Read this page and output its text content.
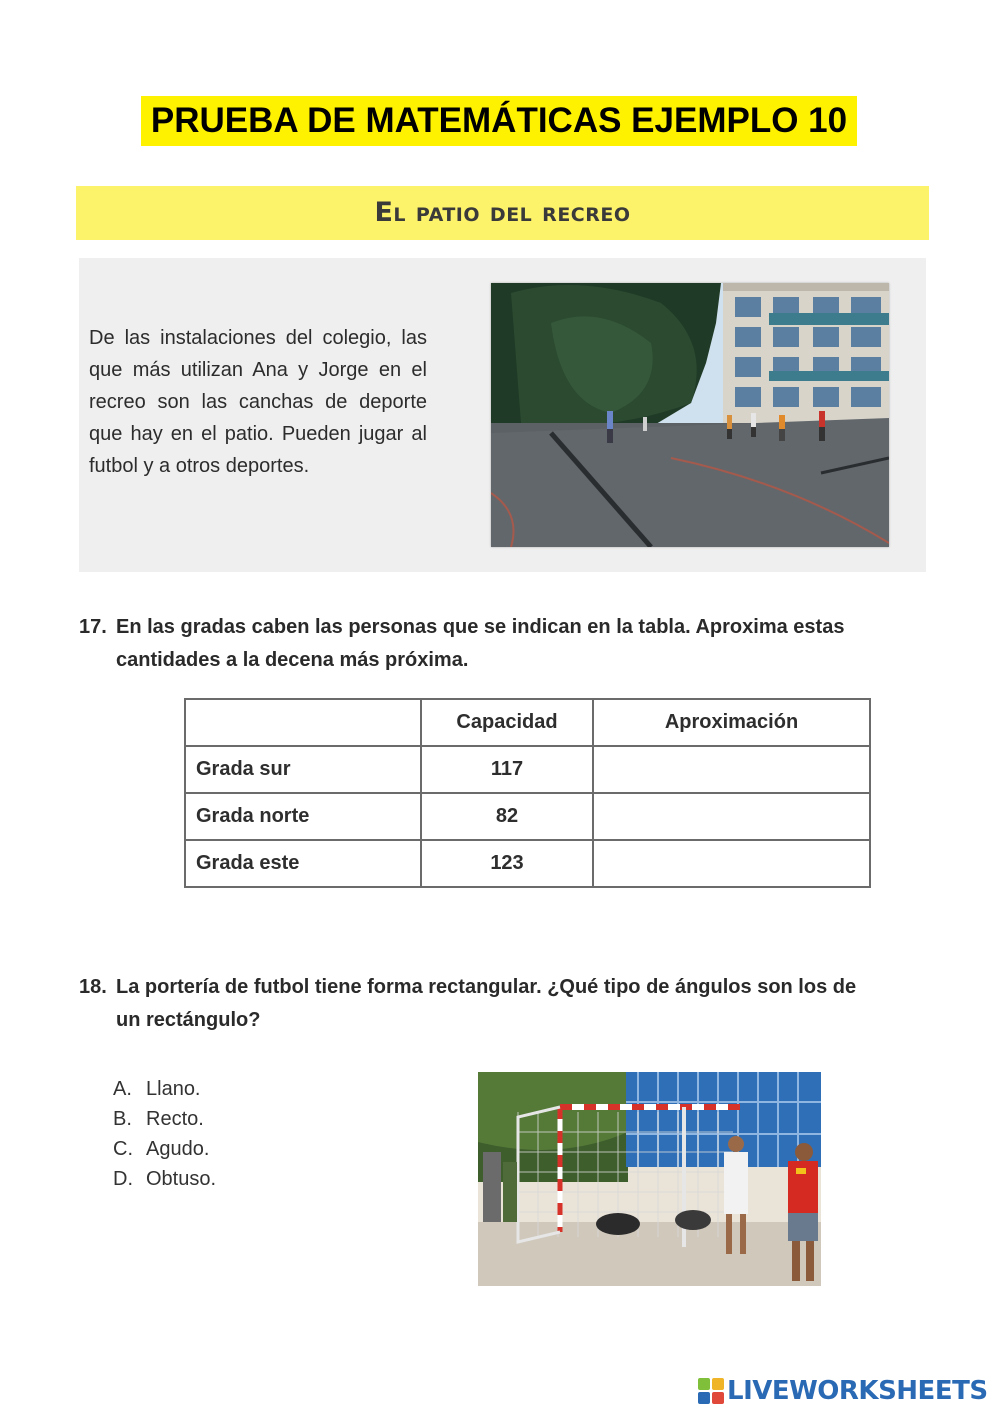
PRUEBA DE MATEMÁTICAS EJEMPLO 10
El patio del recreo
De las instalaciones del colegio, las que más utilizan Ana y Jorge en el recreo son las canchas de deporte que hay en el patio. Pueden jugar al futbol y a otros deportes.
17. En las gradas caben las personas que se indican en la tabla. Aproxima estas
cantidades a la decena más próxima.
	Capacidad	Aproximación
Grada sur	117	
Grada norte	82	
Grada este	123	
18. La portería de futbol tiene forma rectangular. ¿Qué tipo de ángulos son los de
un rectángulo?
A. Llano.
B. Recto.
C. Agudo.
D. Obtuso.
LIVEWORKSHEETS
